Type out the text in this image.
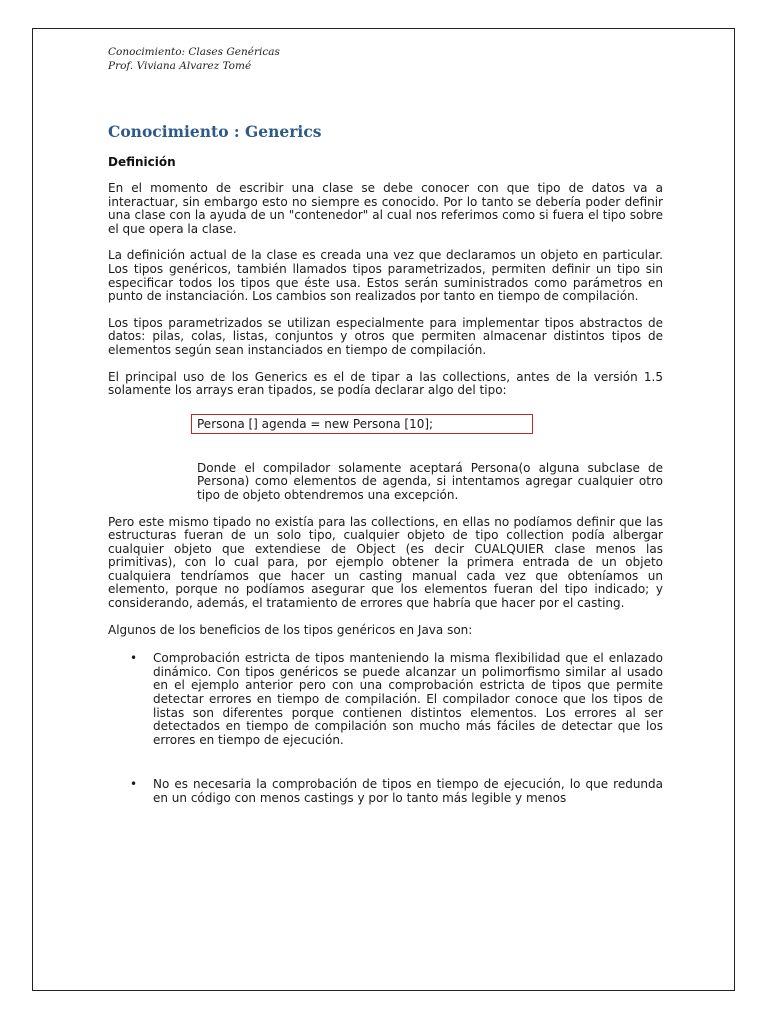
Conocimiento: Clases Genéricas
Prof. Viviana Alvarez Tomé
Conocimiento : Generics
Definición

En el momento de escribir una clase se debe conocer con que tipo de datos va a interactuar, sin embargo esto no siempre es conocido. Por lo tanto se debería poder definir una clase con la ayuda de un "contenedor" al cual nos referimos como si fuera el tipo sobre el que opera la clase.

La definición actual de la clase es creada una vez que declaramos un objeto en particular. Los tipos genéricos, también llamados tipos parametrizados, permiten definir un tipo sin especificar todos los tipos que éste usa. Estos serán suministrados como parámetros en punto de instanciación. Los cambios son realizados por tanto en tiempo de compilación.

Los tipos parametrizados se utilizan especialmente para implementar tipos abstractos de datos: pilas, colas, listas, conjuntos y otros que permiten almacenar distintos tipos de elementos según sean instanciados en tiempo de compilación.

El principal uso de los Generics es el de tipar a las collections, antes de la versión 1.5 solamente los arrays eran tipados, se podía declarar algo del tipo:

Persona [] agenda = new Persona [10];

Donde el compilador solamente aceptará Persona(o alguna subclase de Persona) como elementos de agenda, si intentamos agregar cualquier otro tipo de objeto obtendremos una excepción.

Pero este mismo tipado no existía para las collections, en ellas no podíamos definir que las estructuras fueran de un solo tipo, cualquier objeto de tipo collection podía albergar cualquier objeto que extendiese de Object (es decir CUALQUIER clase menos las primitivas), con lo cual para, por ejemplo obtener la primera entrada de un objeto cualquiera tendríamos que hacer un casting manual cada vez que obteníamos un elemento, porque no podíamos asegurar que los elementos fueran del tipo indicado; y considerando, además, el tratamiento de errores que habría que hacer por el casting.

Algunos de los beneficios de los tipos genéricos en Java son:

• Comprobación estricta de tipos manteniendo la misma flexibilidad que el enlazado dinámico. Con tipos genéricos se puede alcanzar un polimorfismo similar al usado en el ejemplo anterior pero con una comprobación estricta de tipos que permite detectar errores en tiempo de compilación. El compilador conoce que los tipos de listas son diferentes porque contienen distintos elementos. Los errores al ser detectados en tiempo de compilación son mucho más fáciles de detectar que los errores en tiempo de ejecución.

• No es necesaria la comprobación de tipos en tiempo de ejecución, lo que redunda en un código con menos castings y por lo tanto más legible y menos
